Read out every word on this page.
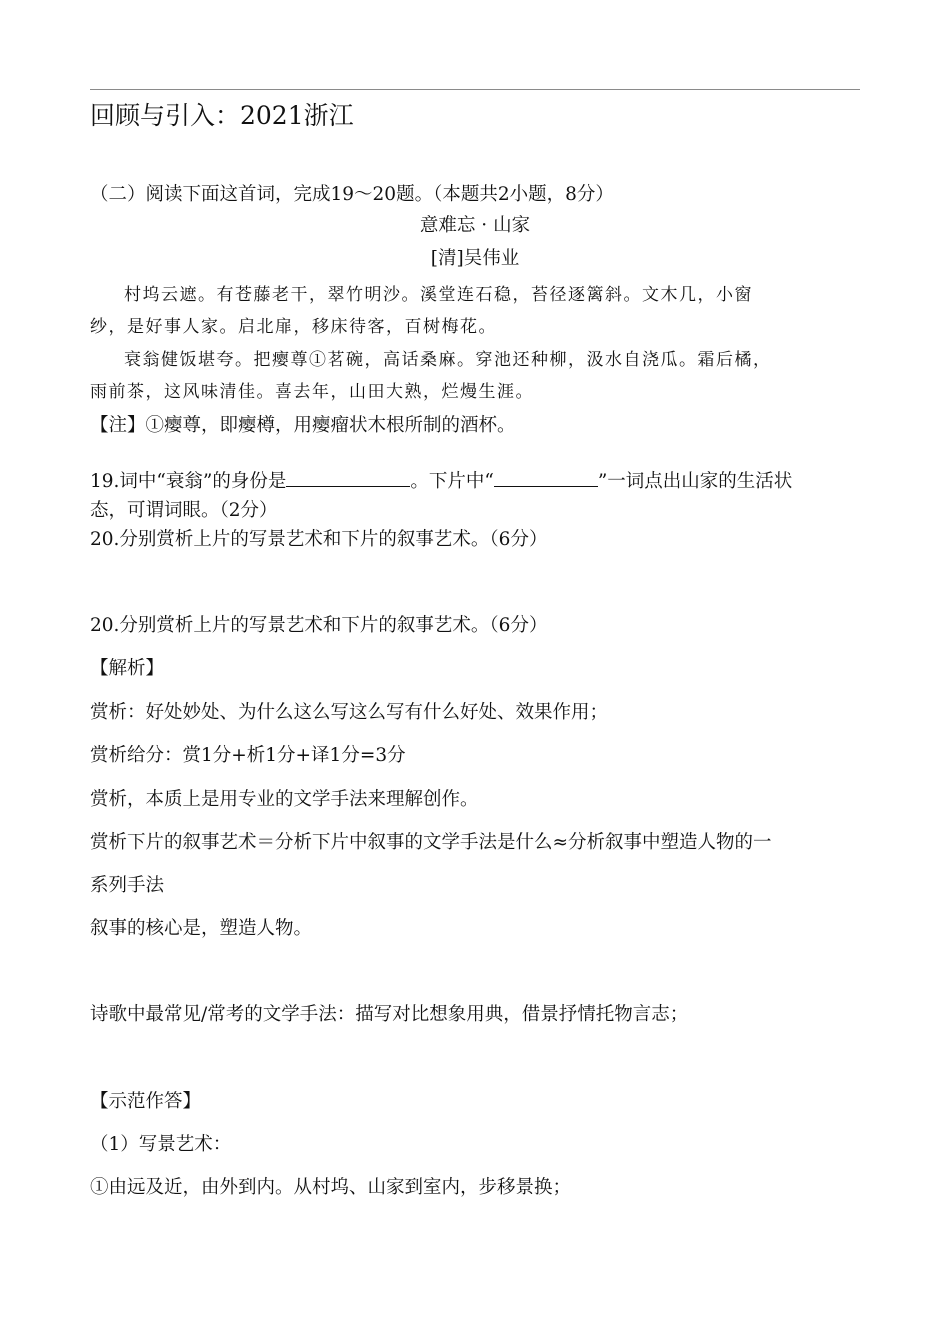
回顾与引入：2021浙江
（二）阅读下面这首词，完成19～20题。（本题共2小题，8分）
意难忘 · 山家
[清]吴伟业
村坞云遮。有苍藤老干，翠竹明沙。溪堂连石稳，苔径逐篱斜。文木几，小窗
纱，是好事人家。启北扉，移床待客，百树梅花。
衰翁健饭堪夸。把瘿尊①茗碗，高话桑麻。穿池还种柳，汲水自浇瓜。霜后橘，
雨前茶，这风味清佳。喜去年，山田大熟，烂熳生涯。
【注】①瘿尊，即瘿樽，用瘿瘤状木根所制的酒杯。
19.词中“衰翁”的身份是	。下片中“	”一词点出山家的生活状
态，可谓词眼。（2分）
20.分别赏析上片的写景艺术和下片的叙事艺术。（6分）
20.分别赏析上片的写景艺术和下片的叙事艺术。（6分）
【解析】
赏析：好处妙处、为什么这么写这么写有什么好处、效果作用；
赏析给分：赏1分+析1分+译1分=3分
赏析，本质上是用专业的文学手法来理解创作。
赏析下片的叙事艺术＝分析下片中叙事的文学手法是什么≈分析叙事中塑造人物的一
系列手法
叙事的核心是，塑造人物。
诗歌中最常见/常考的文学手法：描写对比想象用典，借景抒情托物言志；
【示范作答】
（1）写景艺术：
①由远及近，由外到内。从村坞、山家到室内，步移景换；
